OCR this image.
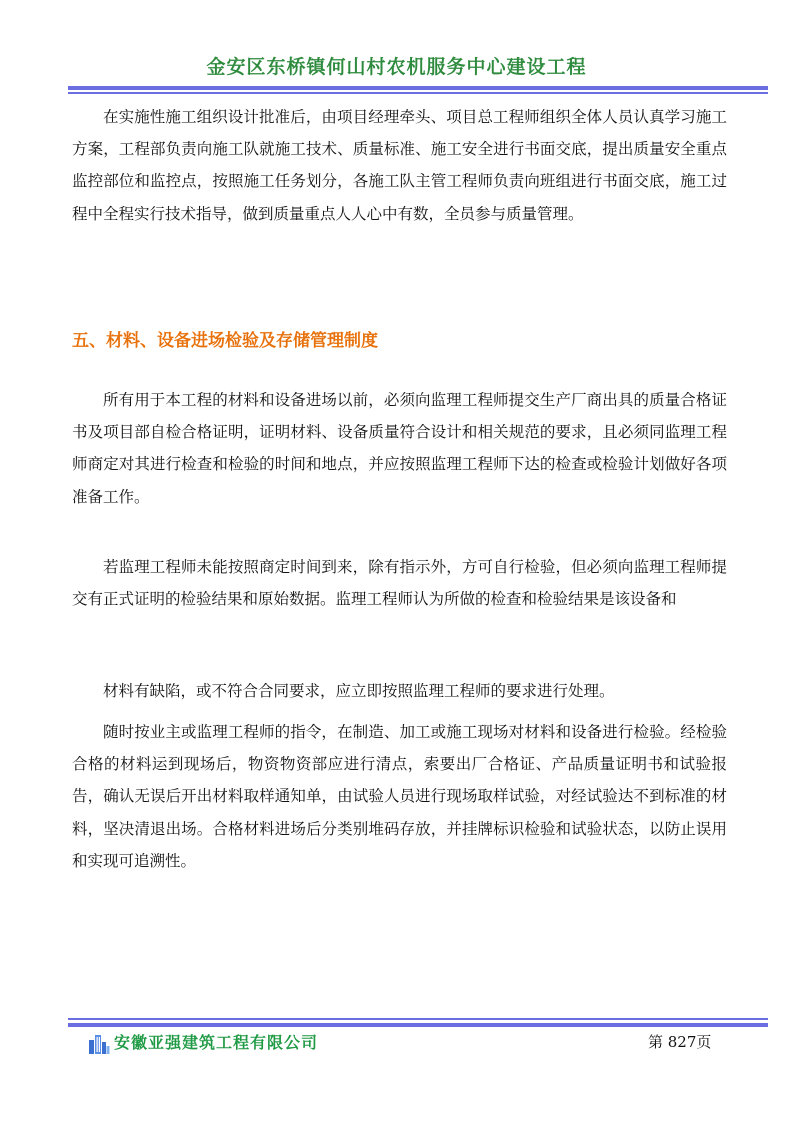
金安区东桥镇何山村农机服务中心建设工程
在实施性施工组织设计批准后，由项目经理牵头、项目总工程师组织全体人员认真学习施工方案，工程部负责向施工队就施工技术、质量标准、施工安全进行书面交底，提出质量安全重点监控部位和监控点，按照施工任务划分，各施工队主管工程师负责向班组进行书面交底，施工过程中全程实行技术指导，做到质量重点人人心中有数，全员参与质量管理。
五、材料、设备进场检验及存储管理制度
所有用于本工程的材料和设备进场以前，必须向监理工程师提交生产厂商出具的质量合格证书及项目部自检合格证明，证明材料、设备质量符合设计和相关规范的要求，且必须同监理工程师商定对其进行检查和检验的时间和地点，并应按照监理工程师下达的检查或检验计划做好各项准备工作。
若监理工程师未能按照商定时间到来，除有指示外，方可自行检验，但必须向监理工程师提交有正式证明的检验结果和原始数据。监理工程师认为所做的检查和检验结果是该设备和
材料有缺陷，或不符合合同要求，应立即按照监理工程师的要求进行处理。
随时按业主或监理工程师的指令，在制造、加工或施工现场对材料和设备进行检验。经检验合格的材料运到现场后，物资物资部应进行清点，索要出厂合格证、产品质量证明书和试验报告，确认无误后开出材料取样通知单，由试验人员进行现场取样试验，对经试验达不到标准的材料，坚决清退出场。合格材料进场后分类别堆码存放，并挂牌标识检验和试验状态，以防止误用和实现可追溯性。
安徽亚强建筑工程有限公司	第 827页
